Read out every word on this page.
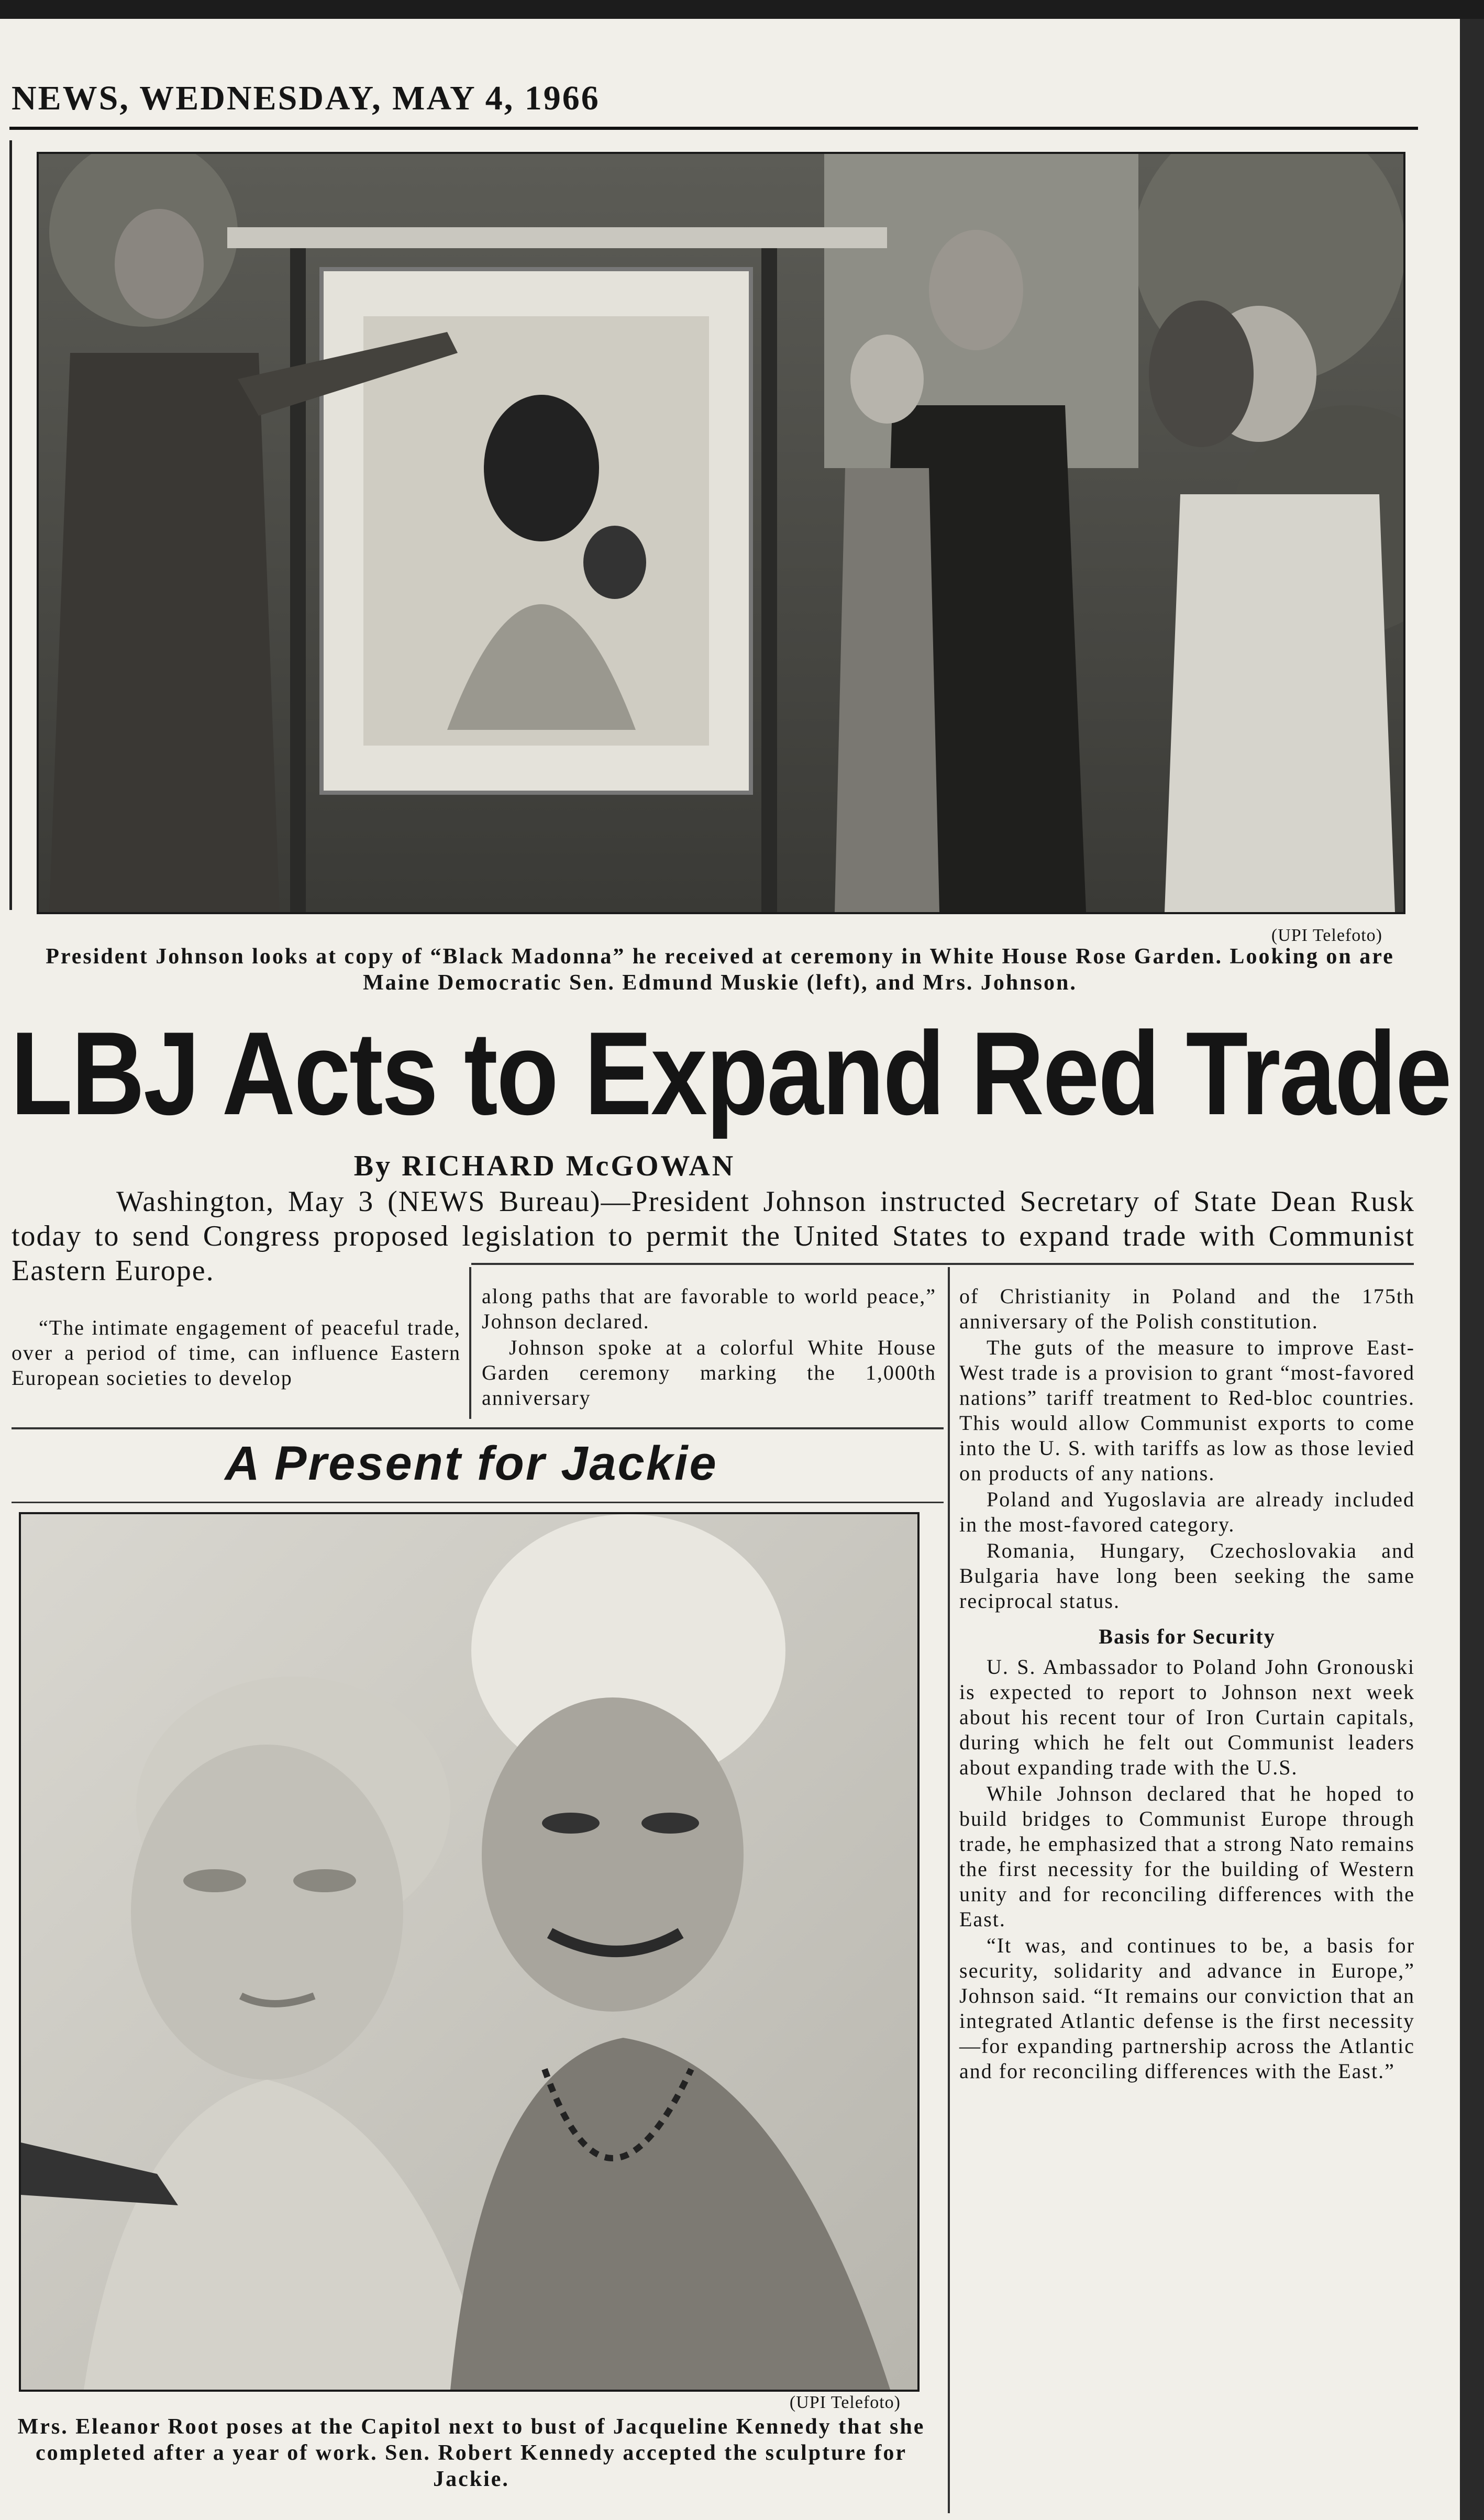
NEWS, WEDNESDAY, MAY 4, 1966
(UPI Telefoto)
President Johnson looks at copy of “Black Madonna” he received at ceremony in White House Rose Garden. Looking on are Maine Democratic Sen. Edmund Muskie (left), and Mrs. Johnson.
LBJ Acts to Expand Red Trade
By RICHARD McGOWAN

Washington, May 3 (NEWS Bureau)—President Johnson instructed Secretary of State Dean Rusk today to send Congress proposed legislation to permit the United States to expand trade with Communist Eastern Europe.

“The intimate engagement of peaceful trade, over a period of time, can influence Eastern European societies to develop

along paths that are favorable to world peace,” Johnson declared.

Johnson spoke at a colorful White House Garden ceremony marking the 1,000th anniversary

of Christianity in Poland and the 175th anniversary of the Polish constitution.

The guts of the measure to improve East-West trade is a provision to grant “most-favored nations” tariff treatment to Red-bloc countries. This would allow Communist exports to come into the U. S. with tariffs as low as those levied on products of any nations.

Poland and Yugoslavia are already included in the most-favored category.

Romania, Hungary, Czechoslovakia and Bulgaria have long been seeking the same reciprocal status.

Basis for Security

U. S. Ambassador to Poland John Gronouski is expected to report to Johnson next week about his recent tour of Iron Curtain capitals, during which he felt out Communist leaders about expanding trade with the U.S.

While Johnson declared that he hoped to build bridges to Communist Europe through trade, he emphasized that a strong Nato remains the first necessity for the building of Western unity and for reconciling differences with the East.

“It was, and continues to be, a basis for security, solidarity and advance in Europe,” Johnson said. “It remains our conviction that an integrated Atlantic defense is the first necessity—for expanding partnership across the Atlantic and for reconciling differences with the East.”

A Present for Jackie
(UPI Telefoto)
Mrs. Eleanor Root poses at the Capitol next to bust of Jacqueline Kennedy that she completed after a year of work. Sen. Robert Kennedy accepted the sculpture for Jackie.
